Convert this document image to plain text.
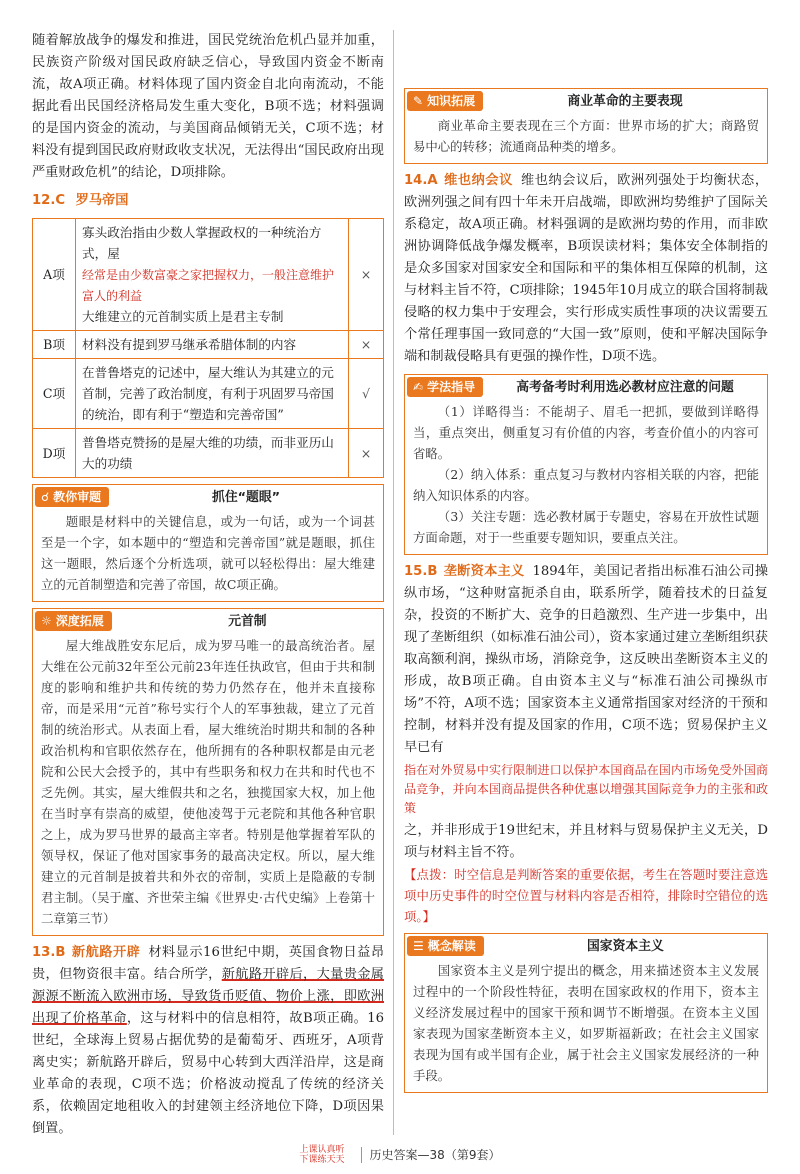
随着解放战争的爆发和推进，国民党统治危机凸显并加重，民族资产阶级对国民政府缺乏信心，导致国内资金不断南流，故A项正确。材料体现了国内资金自北向南流动，不能据此看出民国经济格局发生重大变化，B项不选；材料强调的是国内资金的流动，与美国商品倾销无关，C项不选；材料没有提到国民政府财政收支状况，无法得出“国民政府出现严重财政危机”的结论，D项排除。

12.C 罗马帝国
A项	寡头政治指由少数人掌握政权的一种统治方式，屋
经常是由少数富豪之家把握权力，一般注意维护富人的利益
大维建立的元首制实质上是君主专制	×
B项	材料没有提到罗马继承希腊体制的内容	×
C项	在普鲁塔克的记述中，屋大维认为其建立的元首制，完善了政治制度，有利于巩固罗马帝国的统治，即有利于“塑造和完善帝国”	√
D项	普鲁塔克赞扬的是屋大维的功绩，而非亚历山大的功绩	×
☌ 教你审题	抓住“题眼”

题眼是材料中的关键信息，或为一句话，或为一个词甚至是一个字，如本题中的“塑造和完善帝国”就是题眼，抓住这一题眼，然后逐个分析选项，就可以轻松得出：屋大维建立的元首制塑造和完善了帝国，故C项正确。

☼ 深度拓展	元首制

屋大维战胜安东尼后，成为罗马唯一的最高统治者。屋大维在公元前32年至公元前23年连任执政官，但由于共和制度的影响和维护共和传统的势力仍然存在，他并未直接称帝，而是采用“元首”称号实行个人的军事独裁，建立了元首制的统治形式。从表面上看，屋大维统治时期共和制的各种政治机构和官职依然存在，他所拥有的各种职权都是由元老院和公民大会授予的，其中有些职务和权力在共和时代也不乏先例。其实，屋大维假共和之名，独揽国家大权，加上他在当时享有崇高的威望，使他凌驾于元老院和其他各种官职之上，成为罗马世界的最高主宰者。特别是他掌握着军队的领导权，保证了他对国家事务的最高决定权。所以，屋大维建立的元首制是披着共和外衣的帝制，实质上是隐蔽的专制君主制。（吴于廑、齐世荣主编《世界史·古代史编》上卷第十二章第三节）

13.B 新航路开辟 材料显示16世纪中期，英国食物日益昂贵，但物资很丰富。结合所学，新航路开辟后，大量贵金属源源不断流入欧洲市场，导致货币贬值、物价上涨，即欧洲出现了价格革命，这与材料中的信息相符，故B项正确。16世纪，全球海上贸易占据优势的是葡萄牙、西班牙，A项背离史实；新航路开辟后，贸易中心转到大西洋沿岸，这是商业革命的表现，C项不选；价格波动搅乱了传统的经济关系，依赖固定地租收入的封建领主经济地位下降，D项因果倒置。

✎ 知识拓展	商业革命的主要表现

商业革命主要表现在三个方面：世界市场的扩大；商路贸易中心的转移；流通商品种类的增多。

14.A 维也纳会议 维也纳会议后，欧洲列强处于均衡状态，欧洲列强之间有四十年未开启战端，即欧洲均势维护了国际关系稳定，故A项正确。材料强调的是欧洲均势的作用，而非欧洲协调降低战争爆发概率，B项误读材料；集体安全体制指的是众多国家对国家安全和国际和平的集体相互保障的机制，这与材料主旨不符，C项排除；1945年10月成立的联合国将制裁侵略的权力集中于安理会，实行形成实质性事项的决议需要五个常任理事国一致同意的“大国一致”原则，使和平解决国际争端和制裁侵略具有更强的操作性，D项不选。

✍ 学法指导	高考备考时利用选必教材应注意的问题

（1）详略得当：不能胡子、眉毛一把抓，要做到详略得当，重点突出，侧重复习有价值的内容，考查价值小的内容可省略。

（2）纳入体系：重点复习与教材内容相关联的内容，把能纳入知识体系的内容。

（3）关注专题：选必教材属于专题史，容易在开放性试题方面命题，对于一些重要专题知识，要重点关注。

15.B 垄断资本主义 1894年，美国记者指出标准石油公司操纵市场，“这种财富扼杀自由，联系所学，随着技术的日益复杂，投资的不断扩大、竞争的日趋激烈、生产进一步集中，出现了垄断组织（如标准石油公司），资本家通过建立垄断组织获取高额利润，操纵市场，消除竞争，这反映出垄断资本主义的形成，故B项正确。自由资本主义与“标准石油公司操纵市场”不符，A项不选；国家资本主义通常指国家对经济的干预和控制，材料并没有提及国家的作用，C项不选；贸易保护主义早已有

指在对外贸易中实行限制进口以保护本国商品在国内市场免受外国商品竞争，并向本国商品提供各种优惠以增强其国际竞争力的主张和政策

之，并非形成于19世纪末，并且材料与贸易保护主义无关，D项与材料主旨不符。

【点拨：时空信息是判断答案的重要依据，考生在答题时要注意选项中历史事件的时空位置与材料内容是否相符，排除时空错位的选项。】

☰ 概念解读	国家资本主义

国家资本主义是列宁提出的概念，用来描述资本主义发展过程中的一个阶段性特征，表明在国家政权的作用下，资本主义经济发展过程中的国家干预和调节不断增强。在资本主义国家表现为国家垄断资本主义，如罗斯福新政；在社会主义国家表现为国有或半国有企业，属于社会主义国家发展经济的一种手段。

上课认真听
下课练天天 历史答案—38（第9套）
